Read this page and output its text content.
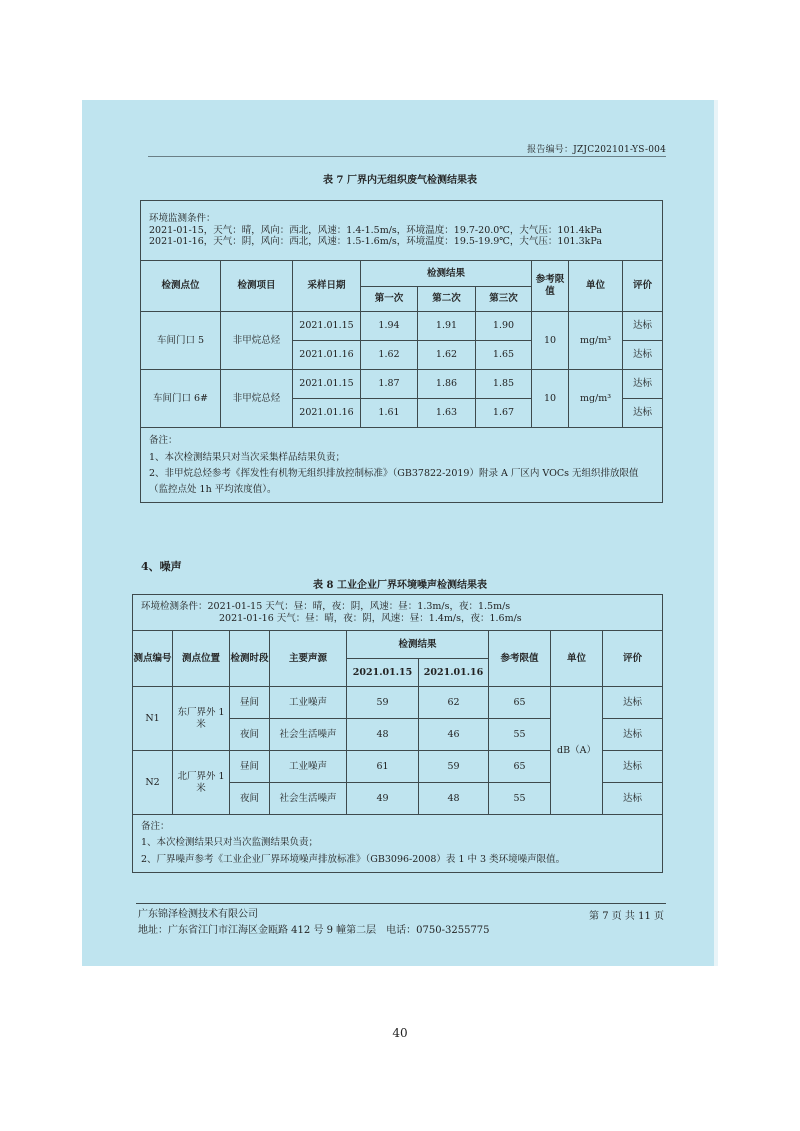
报告编号：JZJC202101-YS-004
表 7 厂界内无组织废气检测结果表
环境监测条件：
2021-01-15，天气：晴，风向：西北，风速：1.4-1.5m/s，环境温度：19.7-20.0℃，大气压：101.4kPa
2021-01-16，天气：阴，风向：西北，风速：1.5-1.6m/s，环境温度：19.5-19.9℃，大气压：101.3kPa								

检测点位	检测项目	采样日期	检测结果			参考限值	单位	评价
			第一次	第二次	第三次			
车间门口 5	非甲烷总烃	2021.01.15	1.94	1.91	1.90	10	mg/m³	达标
		2021.01.16	1.62	1.62	1.65			达标
车间门口 6#	非甲烷总烃	2021.01.15	1.87	1.86	1.85	10	mg/m³	达标
		2021.01.16	1.61	1.63	1.67			达标

备注：
1、本次检测结果只对当次采集样品结果负责；
2、非甲烷总烃参考《挥发性有机物无组织排放控制标准》（GB37822-2019）附录 A 厂区内 VOCs 无组织排放限值（监控点处 1h 平均浓度值）。								
4、噪声
表 8 工业企业厂界环境噪声检测结果表
环境检测条件：2021-01-15 天气：昼：晴，夜：阴，风速：昼：1.3m/s，夜：1.5m/s
2021-01-16 天气：昼：晴，夜：阴，风速：昼：1.4m/s，夜：1.6m/s								

测点编号	测点位置	检测时段	主要声源	检测结果		参考限值	单位	评价
				2021.01.15	2021.01.16			
N1	东厂界外 1 米	昼间	工业噪声	59	62	65	dB（A）	达标
		夜间	社会生活噪声	48	46	55		达标
N2	北厂界外 1 米	昼间	工业噪声	61	59	65		达标
		夜间	社会生活噪声	49	48	55		达标

备注：
1、本次检测结果只对当次监测结果负责；
2、厂界噪声参考《工业企业厂界环境噪声排放标准》（GB3096-2008）表 1 中 3 类环境噪声限值。								
广东锦泽检测技术有限公司
地址：广东省江门市江海区金瓯路 412 号 9 幢第二层　电话：0750-3255775
第 7 页 共 11 页
40
